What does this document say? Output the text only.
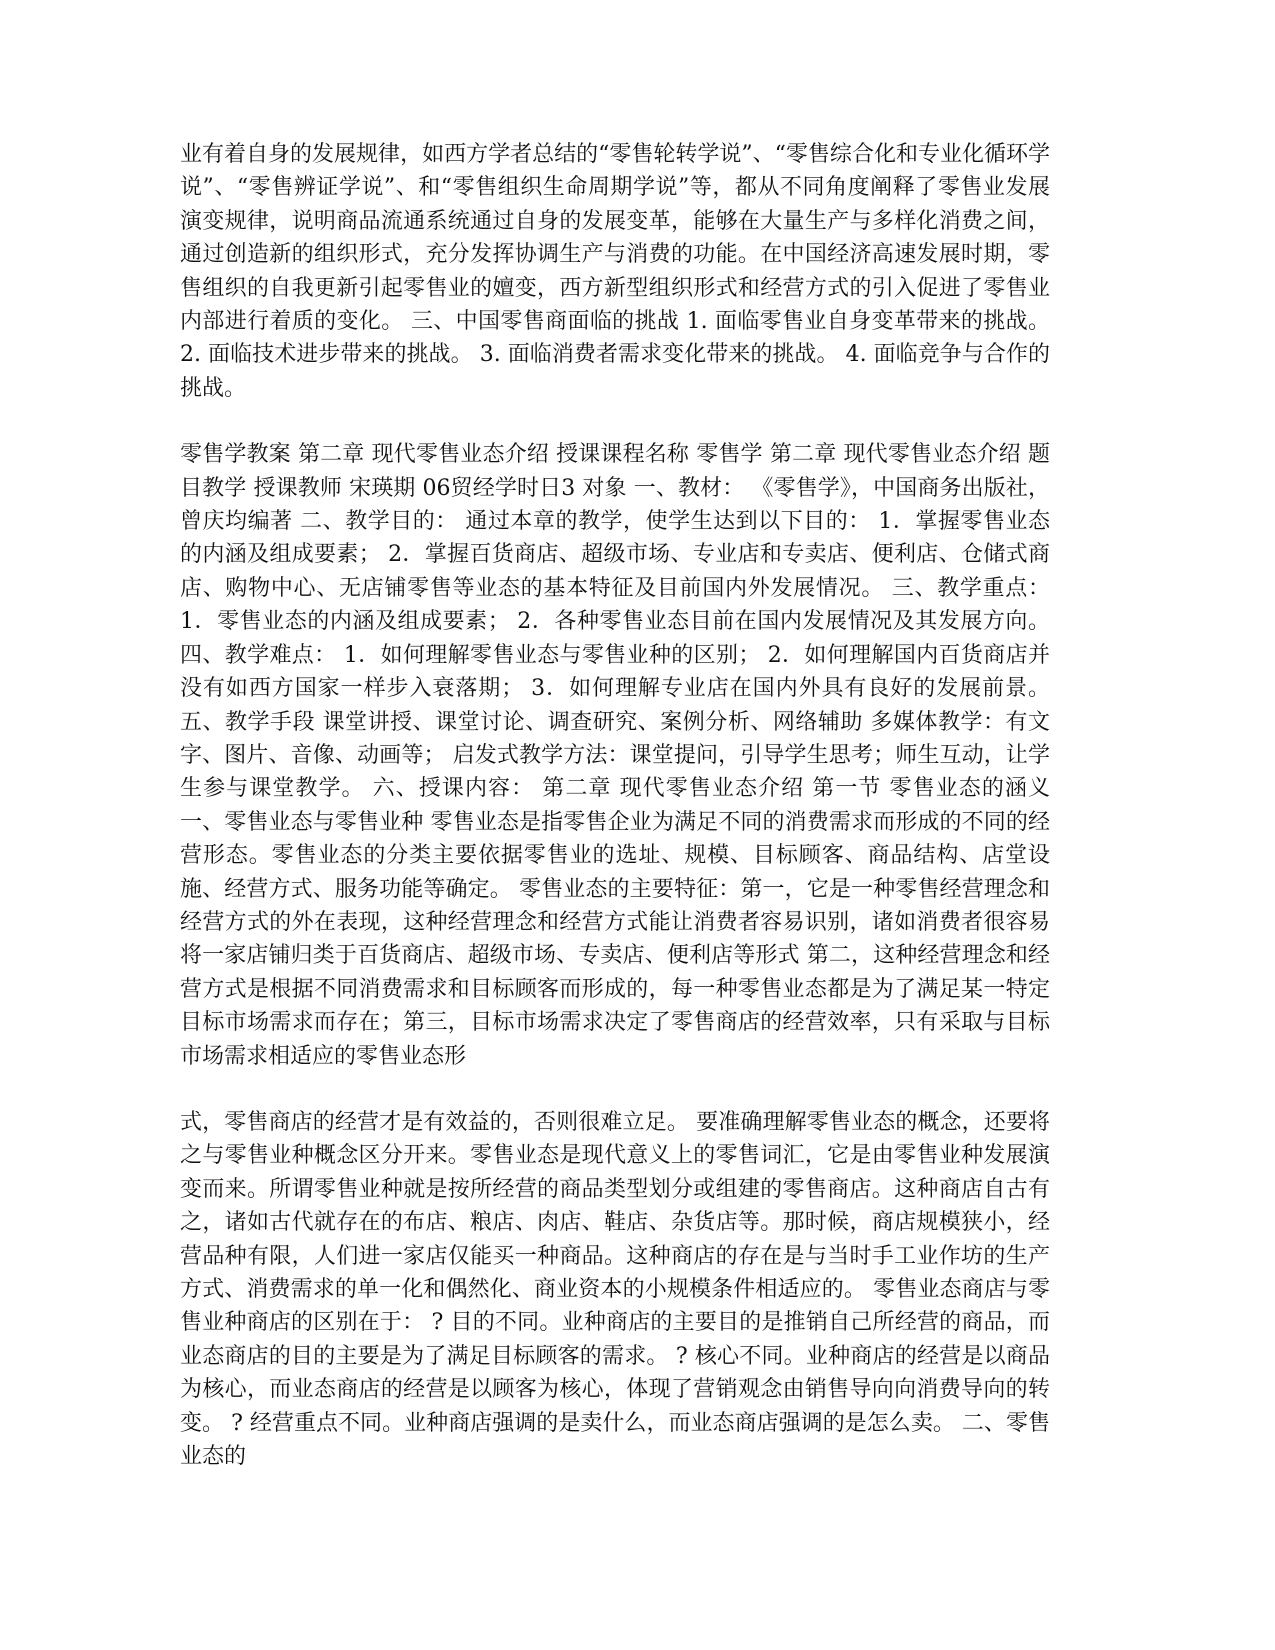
业有着自身的发展规律，如西方学者总结的“零售轮转学说”、“零售综合化和专业化循环学说”、“零售辨证学说”、和“零售组织生命周期学说”等，都从不同角度阐释了零售业发展演变规律，说明商品流通系统通过自身的发展变革，能够在大量生产与多样化消费之间，通过创造新的组织形式，充分发挥协调生产与消费的功能。在中国经济高速发展时期，零售组织的自我更新引起零售业的嬗变，西方新型组织形式和经营方式的引入促进了零售业内部进行着质的变化。 三、中国零售商面临的挑战 1. 面临零售业自身变革带来的挑战。 2. 面临技术进步带来的挑战。 3. 面临消费者需求变化带来的挑战。 4. 面临竞争与合作的挑战。

零售学教案 第二章 现代零售业态介绍 授课课程名称 零售学 第二章 现代零售业态介绍 题目教学 授课教师 宋瑛期 06贸经学时日3 对象 一、教材： 《零售学》，中国商务出版社，曾庆均编著 二、教学目的： 通过本章的教学，使学生达到以下目的： 1．掌握零售业态的内涵及组成要素； 2．掌握百货商店、超级市场、专业店和专卖店、便利店、仓储式商店、购物中心、无店铺零售等业态的基本特征及目前国内外发展情况。 三、教学重点： 1．零售业态的内涵及组成要素； 2．各种零售业态目前在国内发展情况及其发展方向。 四、教学难点： 1．如何理解零售业态与零售业种的区别； 2．如何理解国内百货商店并没有如西方国家一样步入衰落期； 3．如何理解专业店在国内外具有良好的发展前景。 五、教学手段 课堂讲授、课堂讨论、调查研究、案例分析、网络辅助 多媒体教学：有文字、图片、音像、动画等； 启发式教学方法：课堂提问，引导学生思考；师生互动，让学生参与课堂教学。 六、授课内容： 第二章 现代零售业态介绍 第一节 零售业态的涵义 一、零售业态与零售业种 零售业态是指零售企业为满足不同的消费需求而形成的不同的经营形态。零售业态的分类主要依据零售业的选址、规模、目标顾客、商品结构、店堂设施、经营方式、服务功能等确定。 零售业态的主要特征：第一，它是一种零售经营理念和经营方式的外在表现，这种经营理念和经营方式能让消费者容易识别，诸如消费者很容易将一家店铺归类于百货商店、超级市场、专卖店、便利店等形式 第二，这种经营理念和经营方式是根据不同消费需求和目标顾客而形成的，每一种零售业态都是为了满足某一特定目标市场需求而存在；第三，目标市场需求决定了零售商店的经营效率，只有采取与目标市场需求相适应的零售业态形

式，零售商店的经营才是有效益的，否则很难立足。 要准确理解零售业态的概念，还要将之与零售业种概念区分开来。零售业态是现代意义上的零售词汇，它是由零售业种发展演变而来。所谓零售业种就是按所经营的商品类型划分或组建的零售商店。这种商店自古有之，诸如古代就存在的布店、粮店、肉店、鞋店、杂货店等。那时候，商店规模狭小，经营品种有限，人们进一家店仅能买一种商品。这种商店的存在是与当时手工业作坊的生产方式、消费需求的单一化和偶然化、商业资本的小规模条件相适应的。 零售业态商店与零售业种商店的区别在于： ? 目的不同。业种商店的主要目的是推销自己所经营的商品，而业态商店的目的主要是为了满足目标顾客的需求。 ? 核心不同。业种商店的经营是以商品为核心，而业态商店的经营是以顾客为核心，体现了营销观念由销售导向向消费导向的转变。 ? 经营重点不同。业种商店强调的是卖什么，而业态商店强调的是怎么卖。 二、零售业态的
